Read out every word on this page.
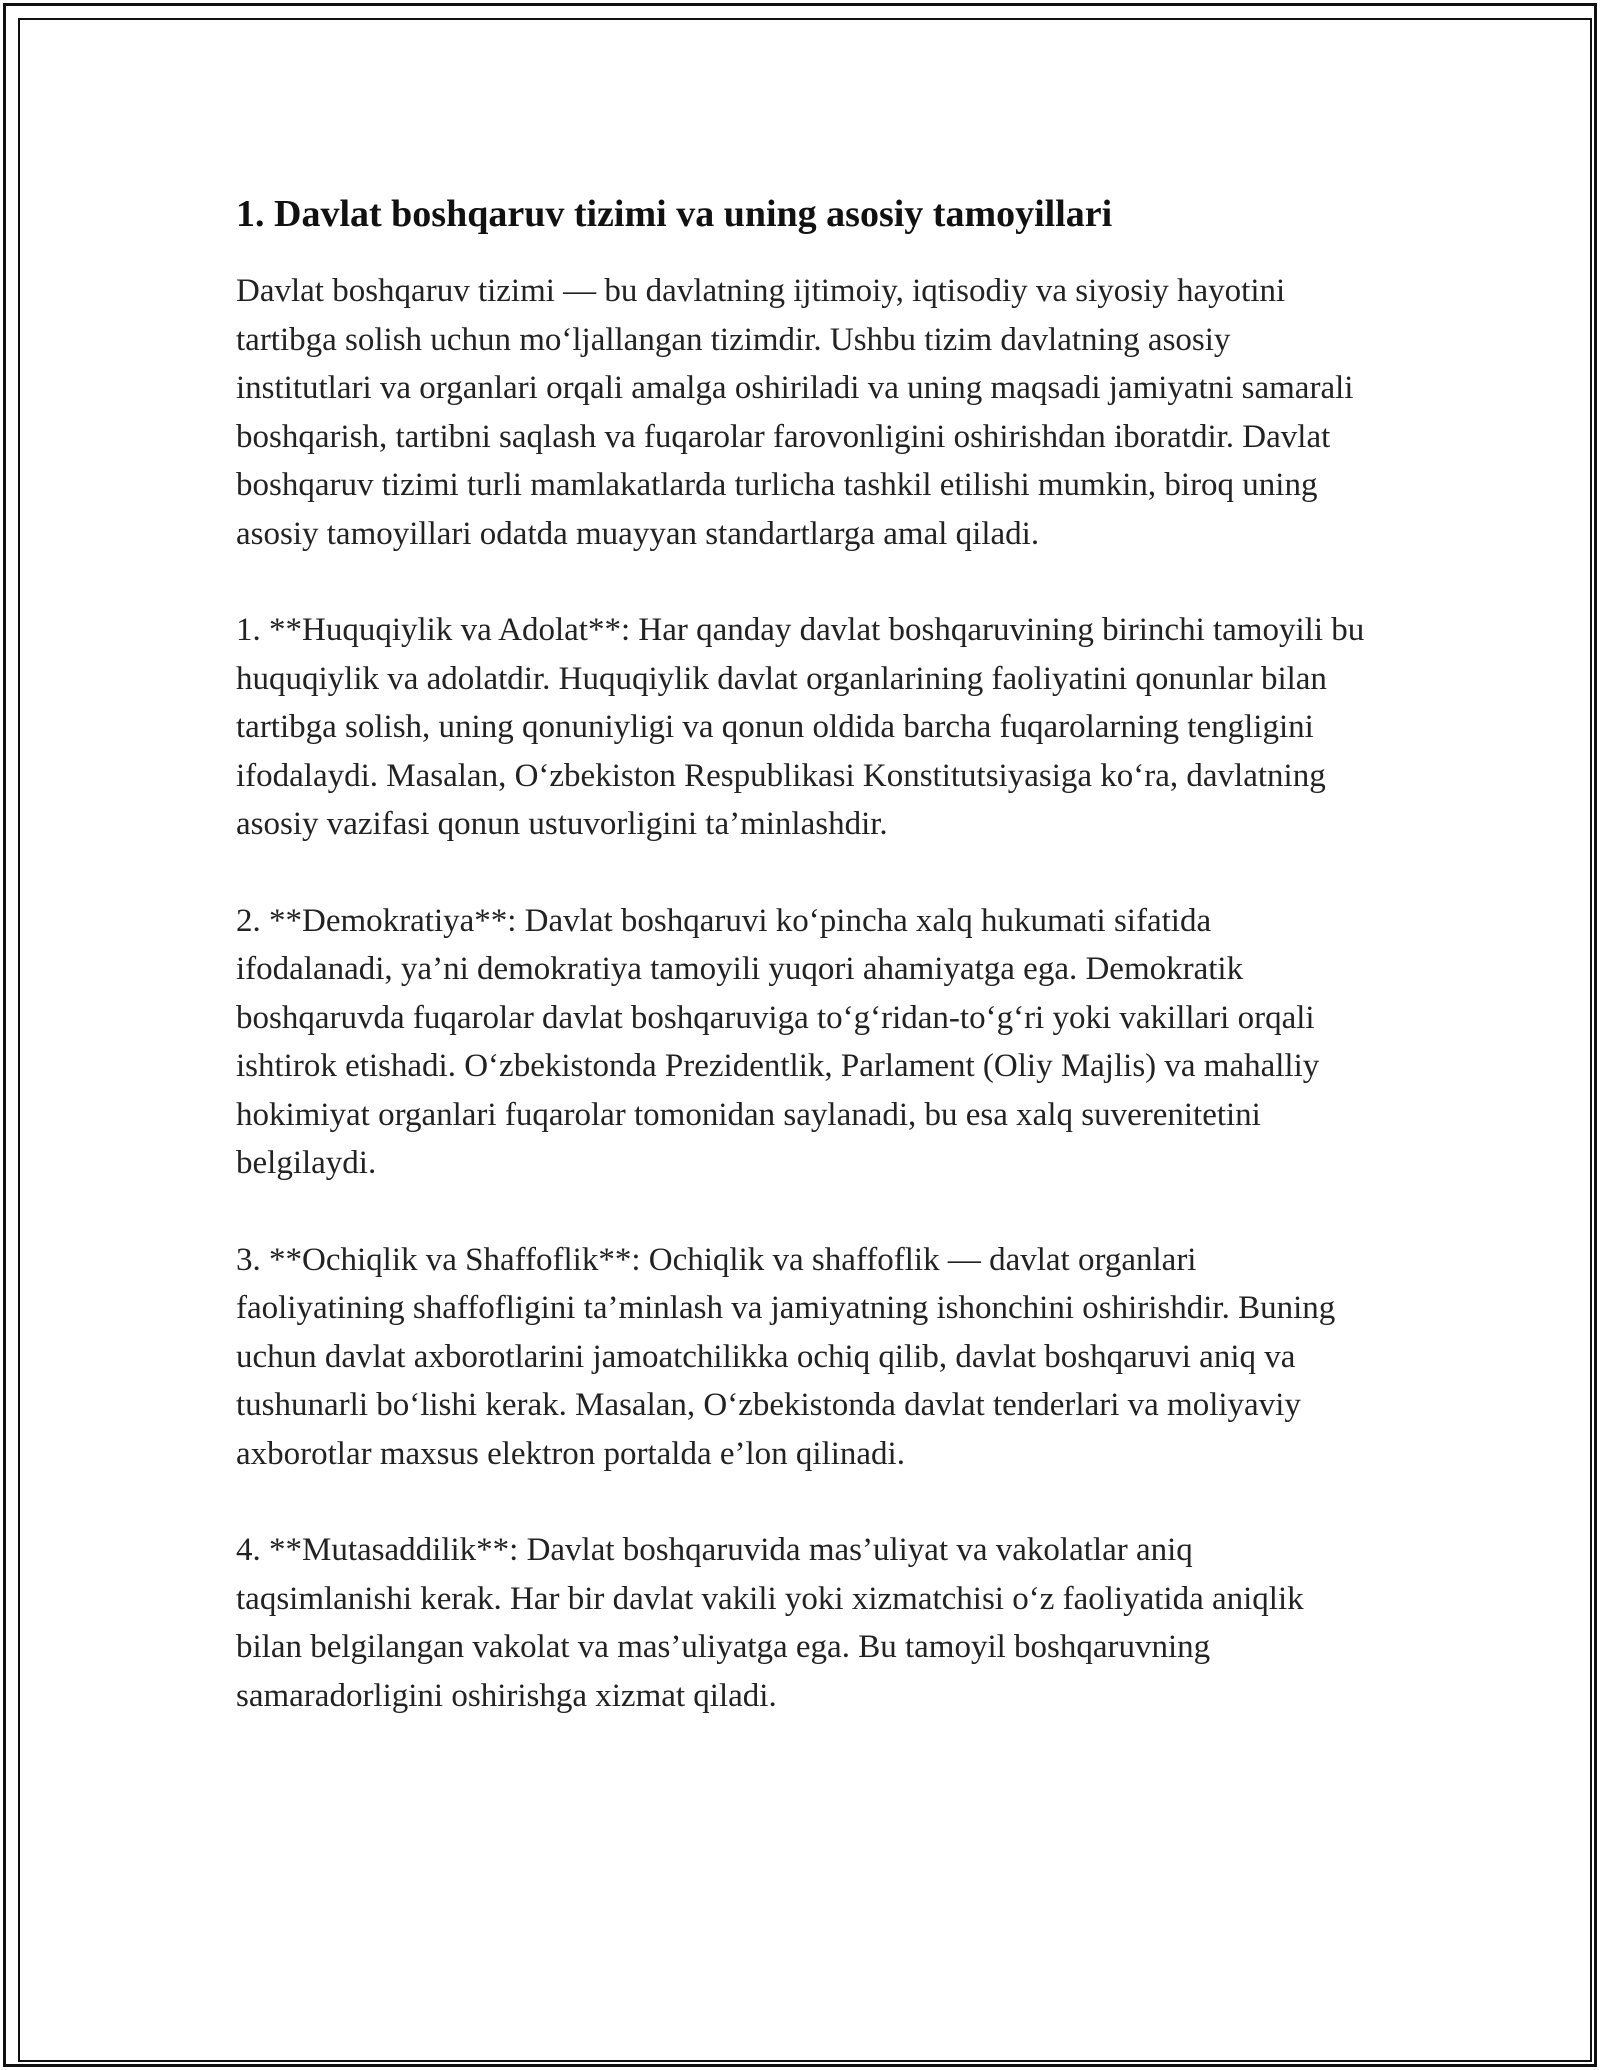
1. Davlat boshqaruv tizimi va uning asosiy tamoyillari

Davlat boshqaruv tizimi — bu davlatning ijtimoiy, iqtisodiy va siyosiy hayotini tartibga solish uchun mo‘ljallangan tizimdir. Ushbu tizim davlatning asosiy institutlari va organlari orqali amalga oshiriladi va uning maqsadi jamiyatni samarali boshqarish, tartibni saqlash va fuqarolar farovonligini oshirishdan iboratdir. Davlat boshqaruv tizimi turli mamlakatlarda turlicha tashkil etilishi mumkin, biroq uning asosiy tamoyillari odatda muayyan standartlarga amal qiladi.

1. **Huquqiylik va Adolat**: Har qanday davlat boshqaruvining birinchi tamoyili bu huquqiylik va adolatdir. Huquqiylik davlat organlarining faoliyatini qonunlar bilan tartibga solish, uning qonuniyligi va qonun oldida barcha fuqarolarning tengligini ifodalaydi. Masalan, O‘zbekiston Respublikasi Konstitutsiyasiga ko‘ra, davlatning asosiy vazifasi qonun ustuvorligini ta’minlashdir.

2. **Demokratiya**: Davlat boshqaruvi ko‘pincha xalq hukumati sifatida ifodalanadi, ya’ni demokratiya tamoyili yuqori ahamiyatga ega. Demokratik boshqaruvda fuqarolar davlat boshqaruviga to‘g‘ridan-to‘g‘ri yoki vakillari orqali ishtirok etishadi. O‘zbekistonda Prezidentlik, Parlament (Oliy Majlis) va mahalliy hokimiyat organlari fuqarolar tomonidan saylanadi, bu esa xalq suverenitetini belgilaydi.

3. **Ochiqlik va Shaffoflik**: Ochiqlik va shaffoflik — davlat organlari faoliyatining shaffofligini ta’minlash va jamiyatning ishonchini oshirishdir. Buning uchun davlat axborotlarini jamoatchilikka ochiq qilib, davlat boshqaruvi aniq va tushunarli bo‘lishi kerak. Masalan, O‘zbekistonda davlat tenderlari va moliyaviy axborotlar maxsus elektron portalda e’lon qilinadi.

4. **Mutasaddilik**: Davlat boshqaruvida mas’uliyat va vakolatlar aniq taqsimlanishi kerak. Har bir davlat vakili yoki xizmatchisi o‘z faoliyatida aniqlik bilan belgilangan vakolat va mas’uliyatga ega. Bu tamoyil boshqaruvning samaradorligini oshirishga xizmat qiladi.
